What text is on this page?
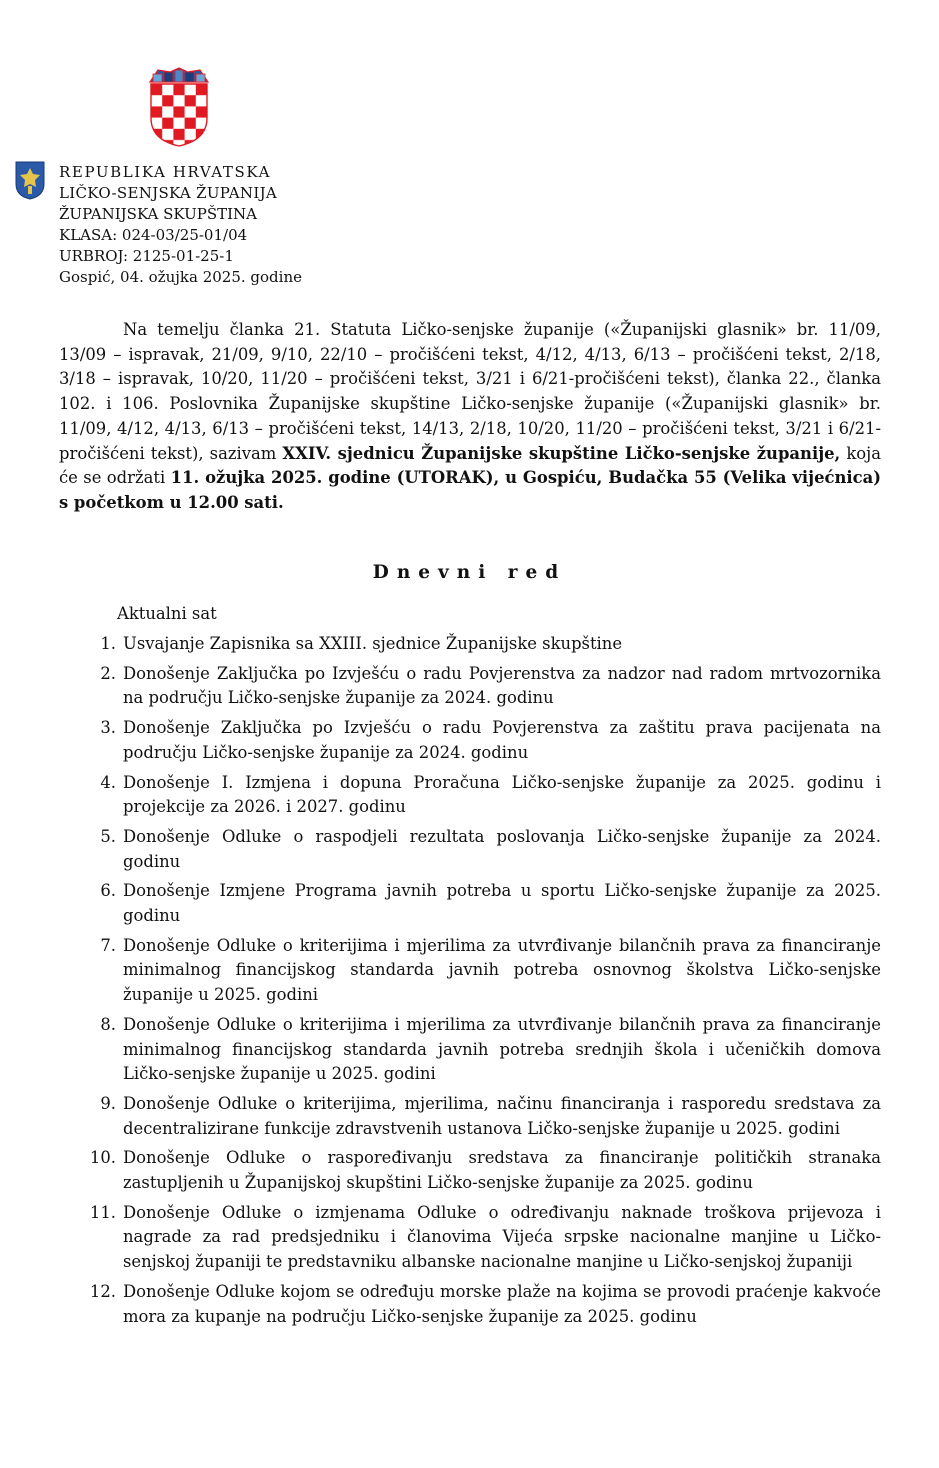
REPUBLIKA HRVATSKA
LIČKO-SENJSKA ŽUPANIJA
ŽUPANIJSKA SKUPŠTINA
KLASA: 024-03/25-01/04
URBROJ: 2125-01-25-1
Gospić, 04. ožujka 2025. godine

Na temelju članka 21. Statuta Ličko-senjske županije («Županijski glasnik» br. 11/09, 13/09 – ispravak, 21/09, 9/10, 22/10 – pročišćeni tekst, 4/12, 4/13, 6/13 – pročišćeni tekst, 2/18, 3/18 – ispravak, 10/20, 11/20 – pročišćeni tekst, 3/21 i 6/21-pročišćeni tekst), članka 22., članka 102. i 106. Poslovnika Županijske skupštine Ličko-senjske županije («Županijski glasnik» br. 11/09, 4/12, 4/13, 6/13 – pročišćeni tekst, 14/13, 2/18, 10/20, 11/20 – pročišćeni tekst, 3/21 i 6/21-pročišćeni tekst), sazivam XXIV. sjednicu Županijske skupštine Ličko-senjske županije, koja će se održati 11. ožujka 2025. godine (UTORAK), u Gospiću, Budačka 55 (Velika vijećnica) s početkom u 12.00 sati.

Dnevni red
Aktualni sat
1. Usvajanje Zapisnika sa XXIII. sjednice Županijske skupštine
2. Donošenje Zaključka po Izvješću o radu Povjerenstva za nadzor nad radom mrtvozornika na području Ličko-senjske županije za 2024. godinu
3. Donošenje Zaključka po Izvješću o radu Povjerenstva za zaštitu prava pacijenata na području Ličko-senjske županije za 2024. godinu
4. Donošenje I. Izmjena i dopuna Proračuna Ličko-senjske županije za 2025. godinu i projekcije za 2026. i 2027. godinu
5. Donošenje Odluke o raspodjeli rezultata poslovanja Ličko-senjske županije za 2024. godinu
6. Donošenje Izmjene Programa javnih potreba u sportu Ličko-senjske županije za 2025. godinu
7. Donošenje Odluke o kriterijima i mjerilima za utvrđivanje bilančnih prava za financiranje minimalnog financijskog standarda javnih potreba osnovnog školstva Ličko-senjske županije u 2025. godini
8. Donošenje Odluke o kriterijima i mjerilima za utvrđivanje bilančnih prava za financiranje minimalnog financijskog standarda javnih potreba srednjih škola i učeničkih domova Ličko-senjske županije u 2025. godini
9. Donošenje Odluke o kriterijima, mjerilima, načinu financiranja i rasporedu sredstava za decentralizirane funkcije zdravstvenih ustanova Ličko-senjske županije u 2025. godini
10. Donošenje Odluke o raspoređivanju sredstava za financiranje političkih stranaka zastupljenih u Županijskoj skupštini Ličko-senjske županije za 2025. godinu
11. Donošenje Odluke o izmjenama Odluke o određivanju naknade troškova prijevoza i nagrade za rad predsjedniku i članovima Vijeća srpske nacionalne manjine u Ličko-senjskoj županiji te predstavniku albanske nacionalne manjine u Ličko-senjskoj županiji
12. Donošenje Odluke kojom se određuju morske plaže na kojima se provodi praćenje kakvoće mora za kupanje na području Ličko-senjske županije za 2025. godinu
